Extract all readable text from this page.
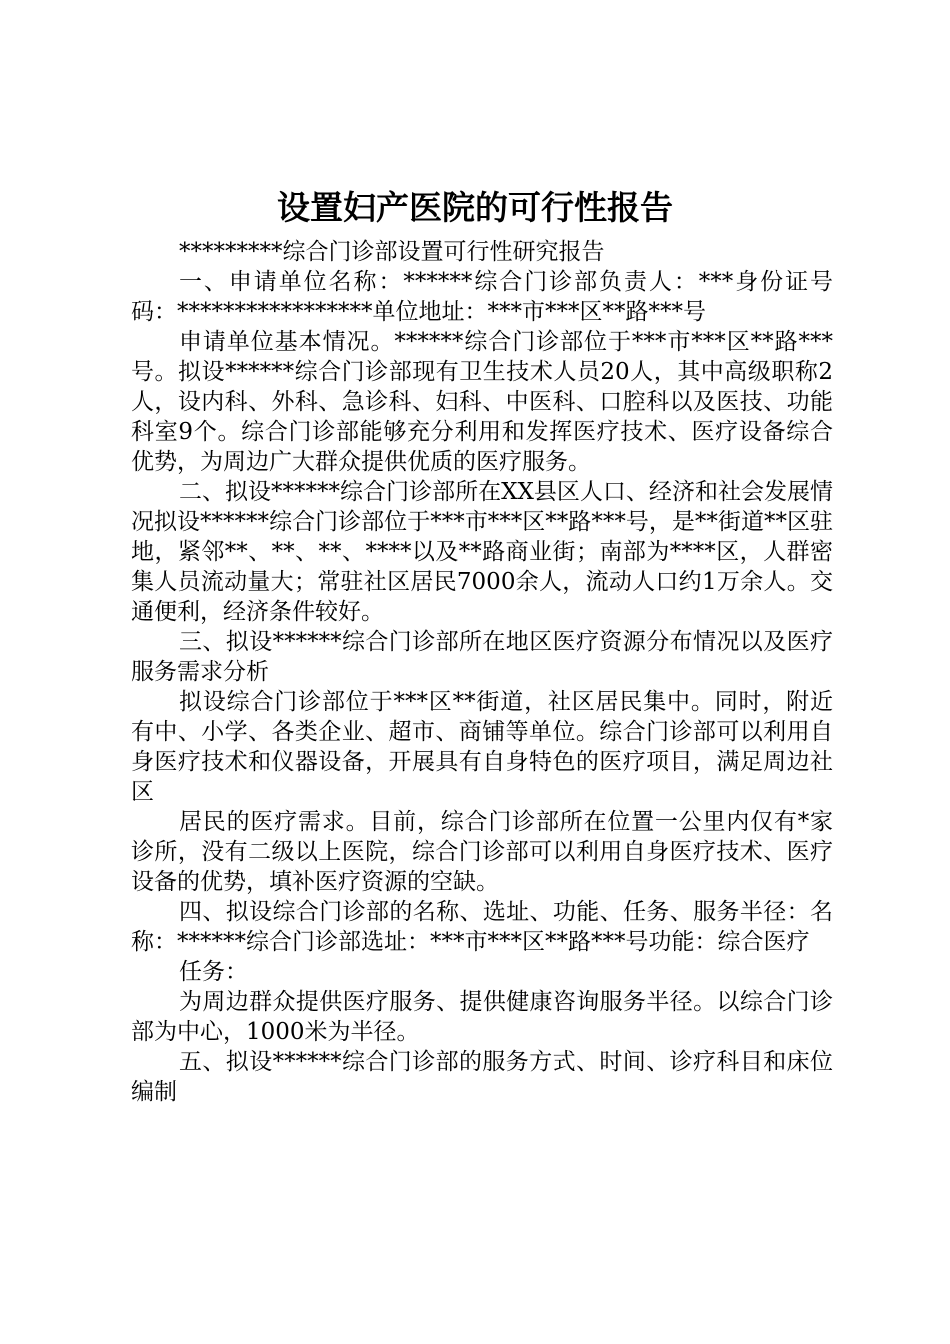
设置妇产医院的可行性报告

*********综合门诊部设置可行性研究报告

一、申请单位名称：******综合门诊部负责人：***身份证号码：*****************单位地址：***市***区**路***号

申请单位基本情况。******综合门诊部位于***市***区**路***号。拟设******综合门诊部现有卫生技术人员20人，其中高级职称2人，设内科、外科、急诊科、妇科、中医科、口腔科以及医技、功能科室9个。综合门诊部能够充分利用和发挥医疗技术、医疗设备综合优势，为周边广大群众提供优质的医疗服务。

二、拟设******综合门诊部所在XX县区人口、经济和社会发展情况拟设******综合门诊部位于***市***区**路***号，是**街道**区驻地，紧邻**、**、**、****以及**路商业街；南部为****区，人群密集人员流动量大；常驻社区居民7000余人，流动人口约1万余人。交通便利，经济条件较好。

三、拟设******综合门诊部所在地区医疗资源分布情况以及医疗服务需求分析

拟设综合门诊部位于***区**街道，社区居民集中。同时，附近有中、小学、各类企业、超市、商铺等单位。综合门诊部可以利用自身医疗技术和仪器设备，开展具有自身特色的医疗项目，满足周边社区

居民的医疗需求。目前，综合门诊部所在位置一公里内仅有*家诊所，没有二级以上医院，综合门诊部可以利用自身医疗技术、医疗设备的优势，填补医疗资源的空缺。

四、拟设综合门诊部的名称、选址、功能、任务、服务半径：名称：******综合门诊部选址：***市***区**路***号功能：综合医疗

任务：

为周边群众提供医疗服务、提供健康咨询服务半径。以综合门诊部为中心，1000米为半径。

五、拟设******综合门诊部的服务方式、时间、诊疗科目和床位编制
